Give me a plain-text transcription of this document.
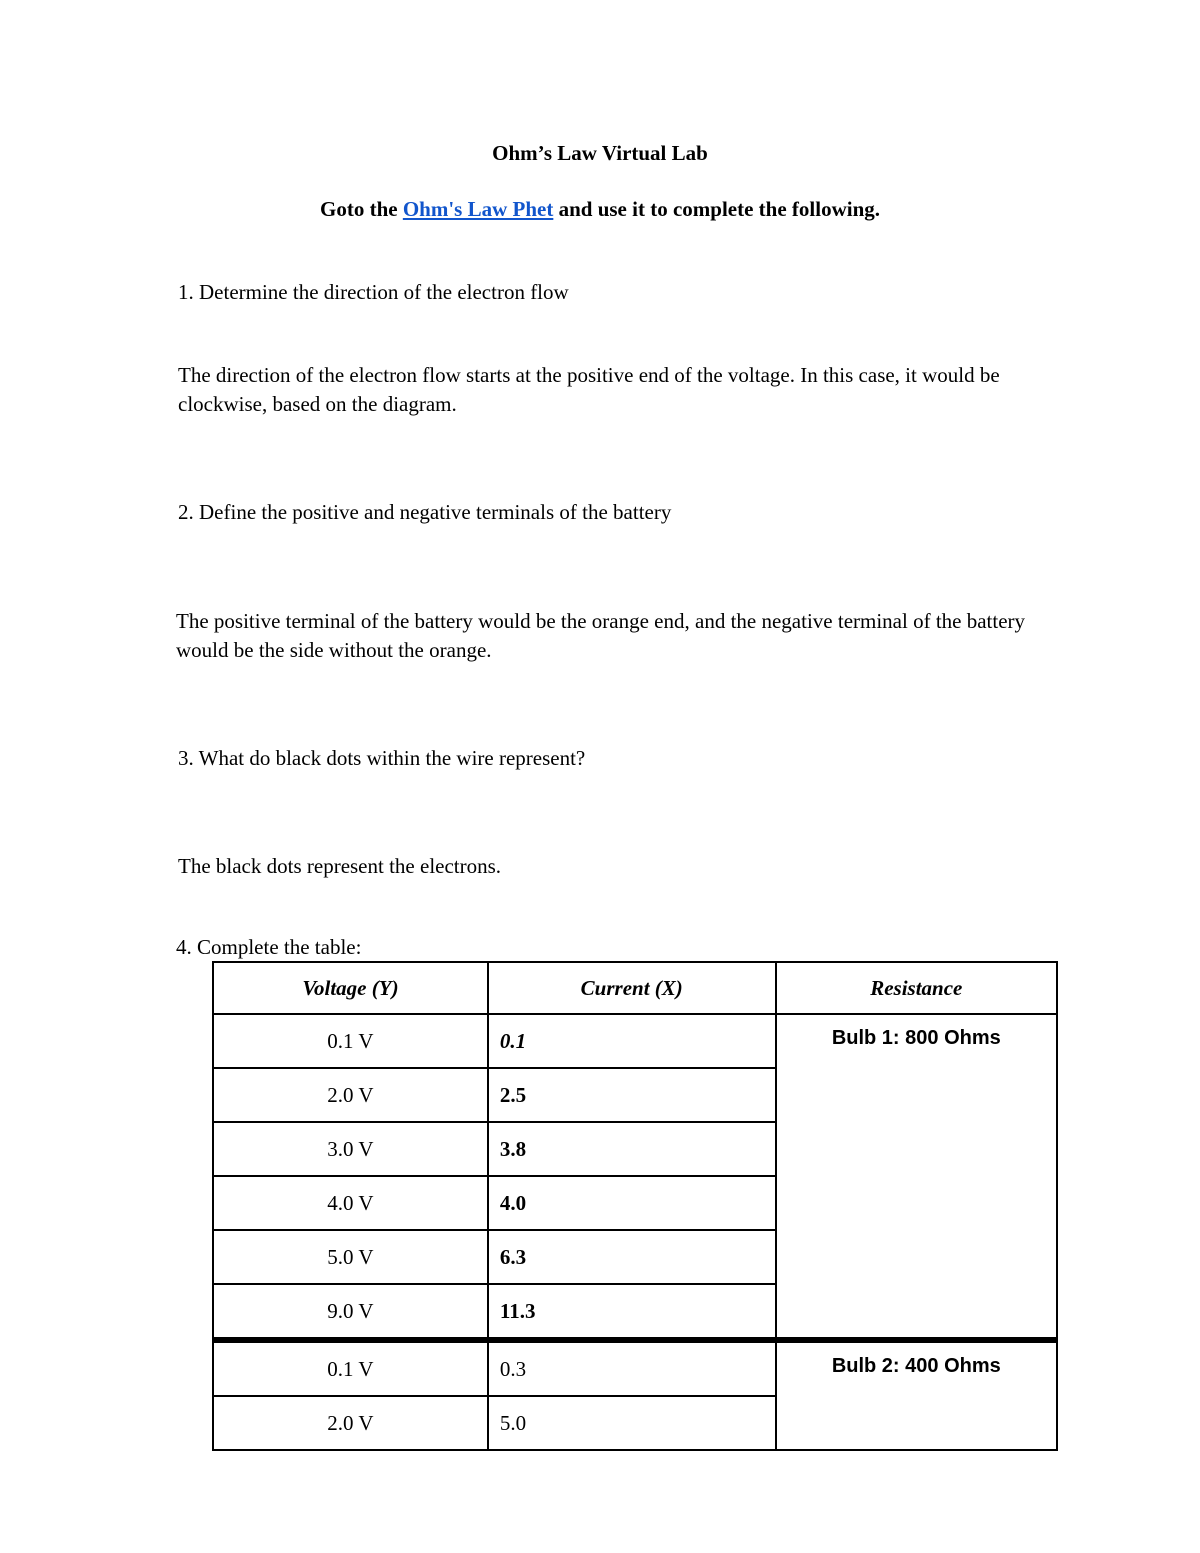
Ohm’s Law Virtual Lab
Goto the Ohm's Law Phet and use it to complete the following.
1. Determine the direction of the electron flow
The direction of the electron flow starts at the positive end of the voltage. In this case, it would be clockwise, based on the diagram.
2. Define the positive and negative terminals of the battery
The positive terminal of the battery would be the orange end, and the negative terminal of the battery would be the side without the orange.
3. What do black dots within the wire represent?
The black dots represent the electrons.
4. Complete the table:
Voltage (Y)	Current (X)	Resistance
0.1 V	0.1	Bulb 1: 800 Ohms
2.0 V	2.5	
3.0 V	3.8	
4.0 V	4.0	
5.0 V	6.3	
9.0 V	11.3	
0.1 V	0.3	Bulb 2: 400 Ohms
2.0 V	5.0	
